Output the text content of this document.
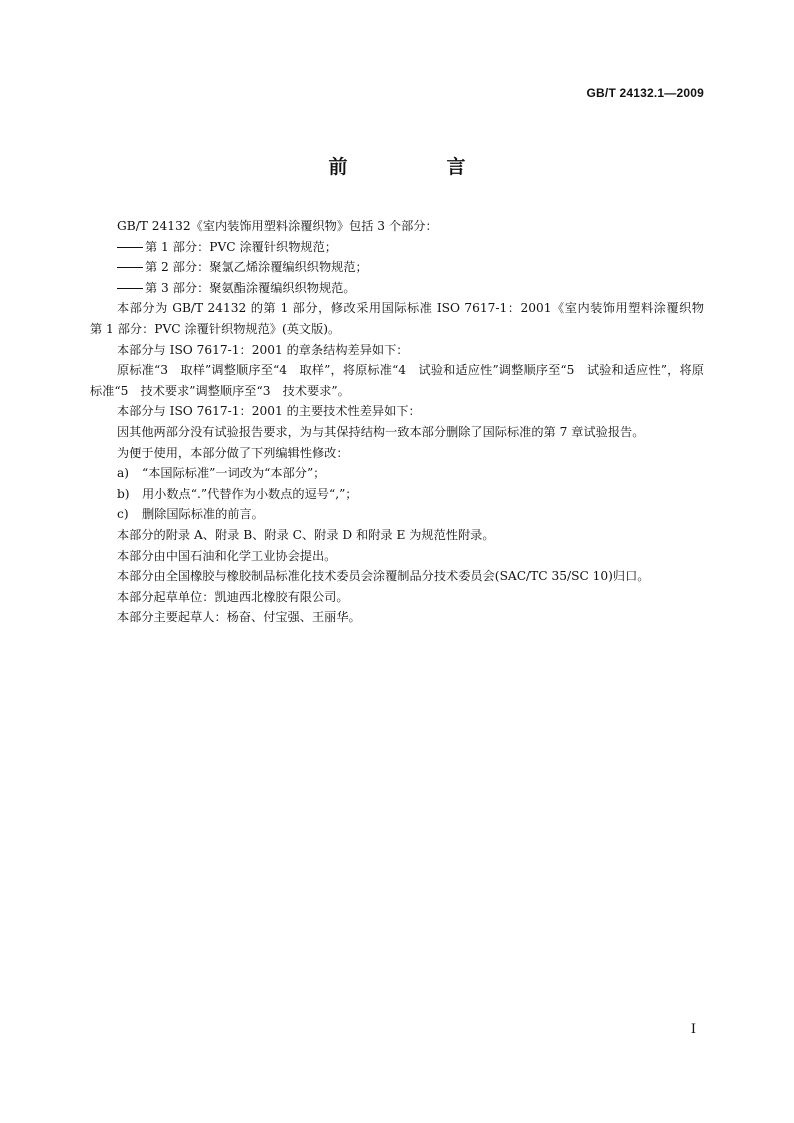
GB/T 24132.1—2009
前　言

GB/T 24132《室内装饰用塑料涂覆织物》包括 3 个部分：

第 1 部分：PVC 涂覆针织物规范；

第 2 部分：聚氯乙烯涂覆编织织物规范；

第 3 部分：聚氨酯涂覆编织织物规范。

本部分为 GB/T 24132 的第 1 部分，修改采用国际标准 ISO 7617-1：2001《室内装饰用塑料涂覆织物　第 1 部分：PVC 涂覆针织物规范》(英文版)。

本部分与 ISO 7617-1：2001 的章条结构差异如下：

原标准“3　取样”调整顺序至“4　取样”，将原标准“4　试验和适应性”调整顺序至“5　试验和适应性”，将原标准“5　技术要求”调整顺序至“3　技术要求”。

本部分与 ISO 7617-1：2001 的主要技术性差异如下：

因其他两部分没有试验报告要求，为与其保持结构一致本部分删除了国际标准的第 7 章试验报告。

为便于使用，本部分做了下列编辑性修改：

a) “本国际标准”一词改为“本部分”；

b) 用小数点“.”代替作为小数点的逗号“,”；

c) 删除国际标准的前言。

本部分的附录 A、附录 B、附录 C、附录 D 和附录 E 为规范性附录。

本部分由中国石油和化学工业协会提出。

本部分由全国橡胶与橡胶制品标准化技术委员会涂覆制品分技术委员会(SAC/TC 35/SC 10)归口。

本部分起草单位：凯迪西北橡胶有限公司。

本部分主要起草人：杨奋、付宝强、王丽华。

I
